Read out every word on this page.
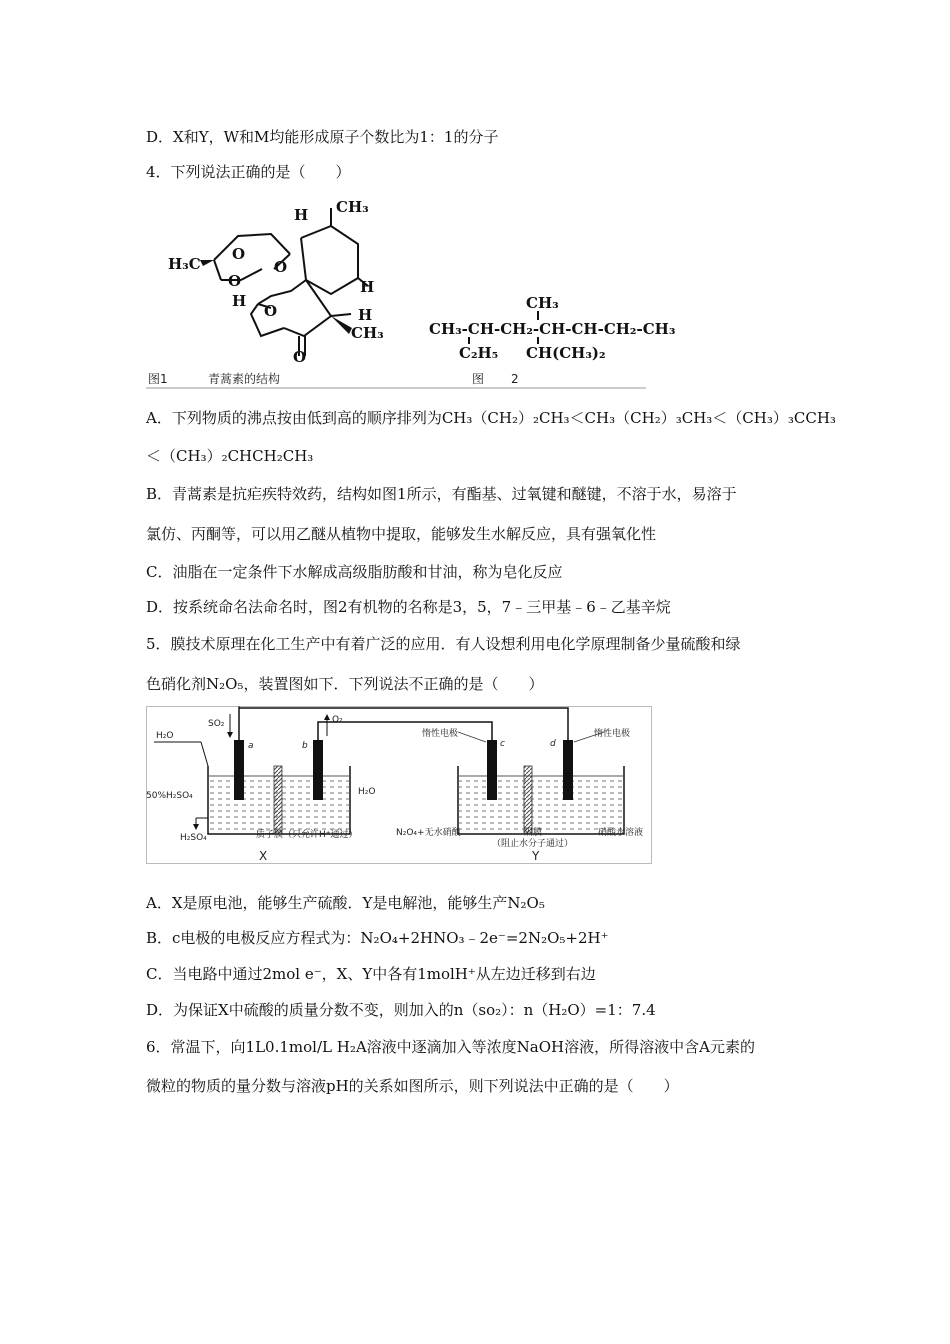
D．X和Y，W和M均能形成原子个数比为1：1的分子
4．下列说法正确的是（　　）
H CH₃
H₃C
O
O
O
H
O
O
H
H
CH₃
CH₃
CH₃-CH-CH₂-CH-CH-CH₂-CH₃
C₂H₅ CH(CH₃)₂
图1	青蒿素的结构	图 2
A．下列物质的沸点按由低到高的顺序排列为CH₃（CH₂）₂CH₃＜CH₃（CH₂）₃CH₃＜（CH₃）₃CCH₃
＜（CH₃）₂CHCH₂CH₃
B．青蒿素是抗疟疾特效药，结构如图1所示，有酯基、过氧键和醚键，不溶于水，易溶于
氯仿、丙酮等，可以用乙醚从植物中提取，能够发生水解反应，具有强氧化性
C．油脂在一定条件下水解成高级脂肪酸和甘油，称为皂化反应
D．按系统命名法命名时，图2有机物的名称是3，5，7﹣三甲基﹣6﹣乙基辛烷
5．膜技术原理在化工生产中有着广泛的应用．有人设想利用电化学原理制备少量硫酸和绿
色硝化剂N₂O₅，装置图如下．下列说法不正确的是（　　）
H₂O
SO₂
a	b
O₂
50%H₂SO₄	H₂O
H₂SO₄	质子膜（只允许H⁺通过）
X
惰性电极
c	d
惰性电极
N₂O₄+无水硝酸	隔膜
（阻止水分子通过）
硝酸水溶液
Y
A．X是原电池，能够生产硫酸．Y是电解池，能够生产N₂O₅
B．c电极的电极反应方程式为：N₂O₄+2HNO₃﹣2e⁻=2N₂O₅+2H⁺
C．当电路中通过2mol e⁻，X、Y中各有1molH⁺从左边迁移到右边
D．为保证X中硫酸的质量分数不变，则加入的n（so₂）：n（H₂O）=1：7.4
6．常温下，向1L0.1mol/L H₂A溶液中逐滴加入等浓度NaOH溶液，所得溶液中含A元素的
微粒的物质的量分数与溶液pH的关系如图所示，则下列说法中正确的是（　　）
